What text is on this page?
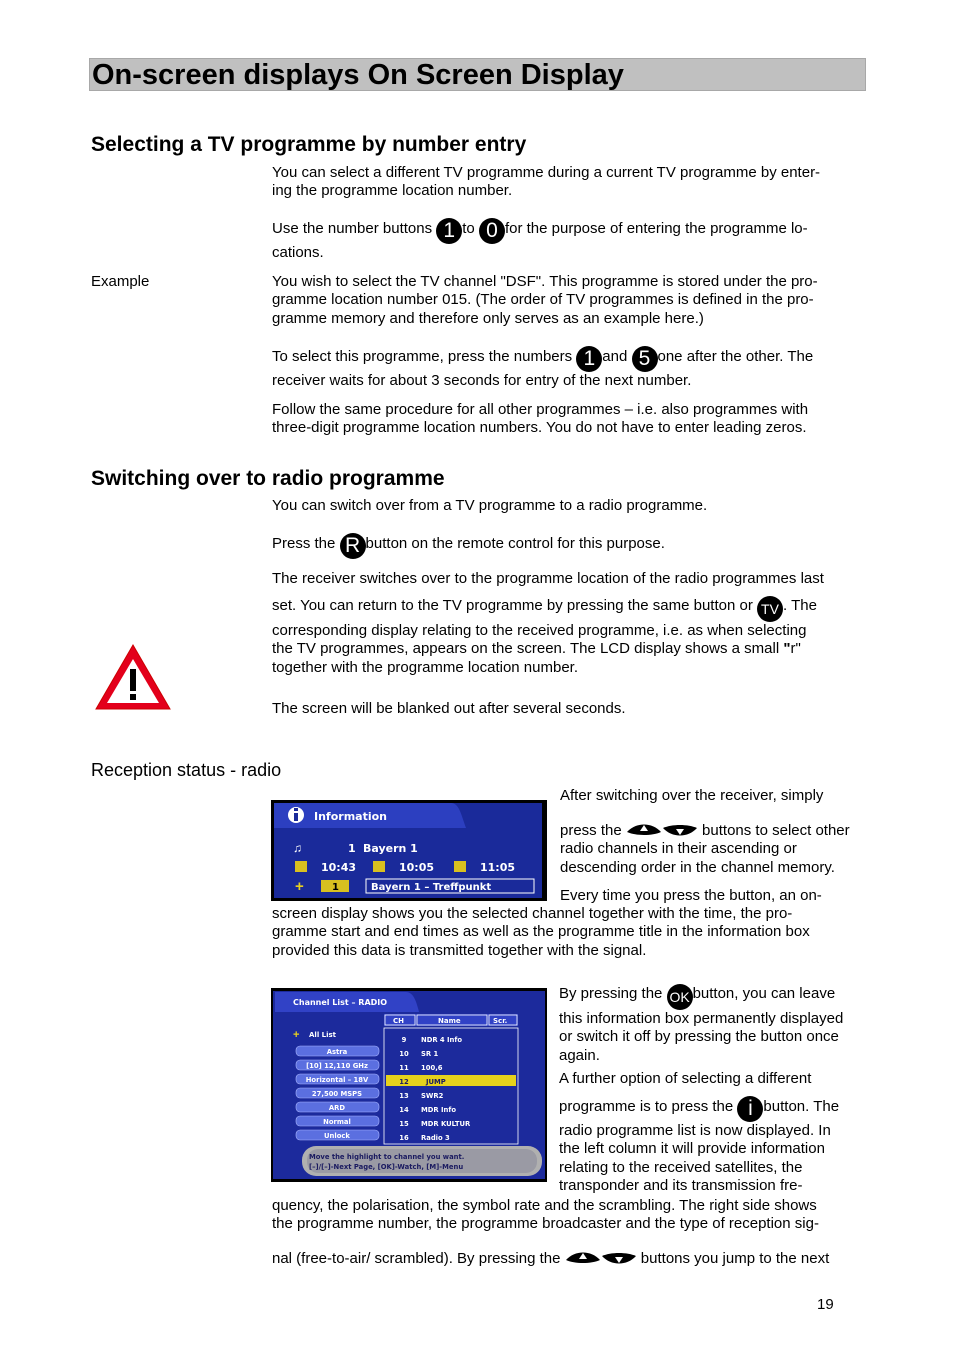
On-screen displays On Screen Display
Selecting a TV programme by number entry
You can select a different TV programme during a current TV programme by enter-
ing the programme location number.
Use the number buttons 1 to 0 for the purpose of entering the programme lo-
cations.
Example	You wish to select the TV channel "DSF". This programme is stored under the pro-
gramme location number 015. (The order of TV programmes is defined in the pro-
gramme memory and therefore only serves as an example here.)
To select this programme, press the numbers 1 and 5 one after the other. The
receiver waits for about 3 seconds for entry of the next number.
Follow the same procedure for all other programmes – i.e. also programmes with
three-digit programme location numbers. You do not have to enter leading zeros.
Switching over to radio programme
You can switch over from a TV programme to a radio programme.
Press the R button on the remote control for this purpose.
The receiver switches over to the programme location of the radio programmes last
set. You can return to the TV programme by pressing the same button or TV . The
corresponding display relating to the received programme, i.e. as when selecting
the TV programmes, appears on the screen. The LCD display shows a small "r"
together with the programme location number.
The screen will be blanked out after several seconds.
Reception status - radio
After switching over the receiver, simply
press the	buttons to select other
radio channels in their ascending or
descending order in the channel memory.
Every time you press the button, an on-
screen display shows you the selected channel together with the time, the pro-
gramme start and end times as well as the programme title in the information box
provided this data is transmitted together with the signal.
Information
♫	1 Bayern 1
10:43	10:05	11:05
+	1	Bayern 1 – Treffpunkt
By pressing the OK button, you can leave
this information box permanently displayed
or switch it off by pressing the button once
again.
A further option of selecting a different
programme is to press the i button. The
radio programme list is now displayed. In
the left column it will provide information
relating to the received satellites, the
transponder and its transmission fre-
Channel List – RADIO
+ All List
Astra
[10] 12,110 GHz
Horizontal – 18V
27,500 MSPS
ARD
Normal
Unlock
CH	Name	Scr.
9 NDR 4 Info
10 SR 1
11 100,6
12	JUMP
13 SWR2
14 MDR Info
15 MDR KULTUR
16 Radio 3
Move the highlight to channel you want.
[–]/[–]-Next Page, [OK]-Watch, [M]-Menu
quency, the polarisation, the symbol rate and the scrambling. The right side shows
the programme number, the programme broadcaster and the type of reception sig-
nal (free-to-air/ scrambled). By pressing the	buttons you jump to the next
19
